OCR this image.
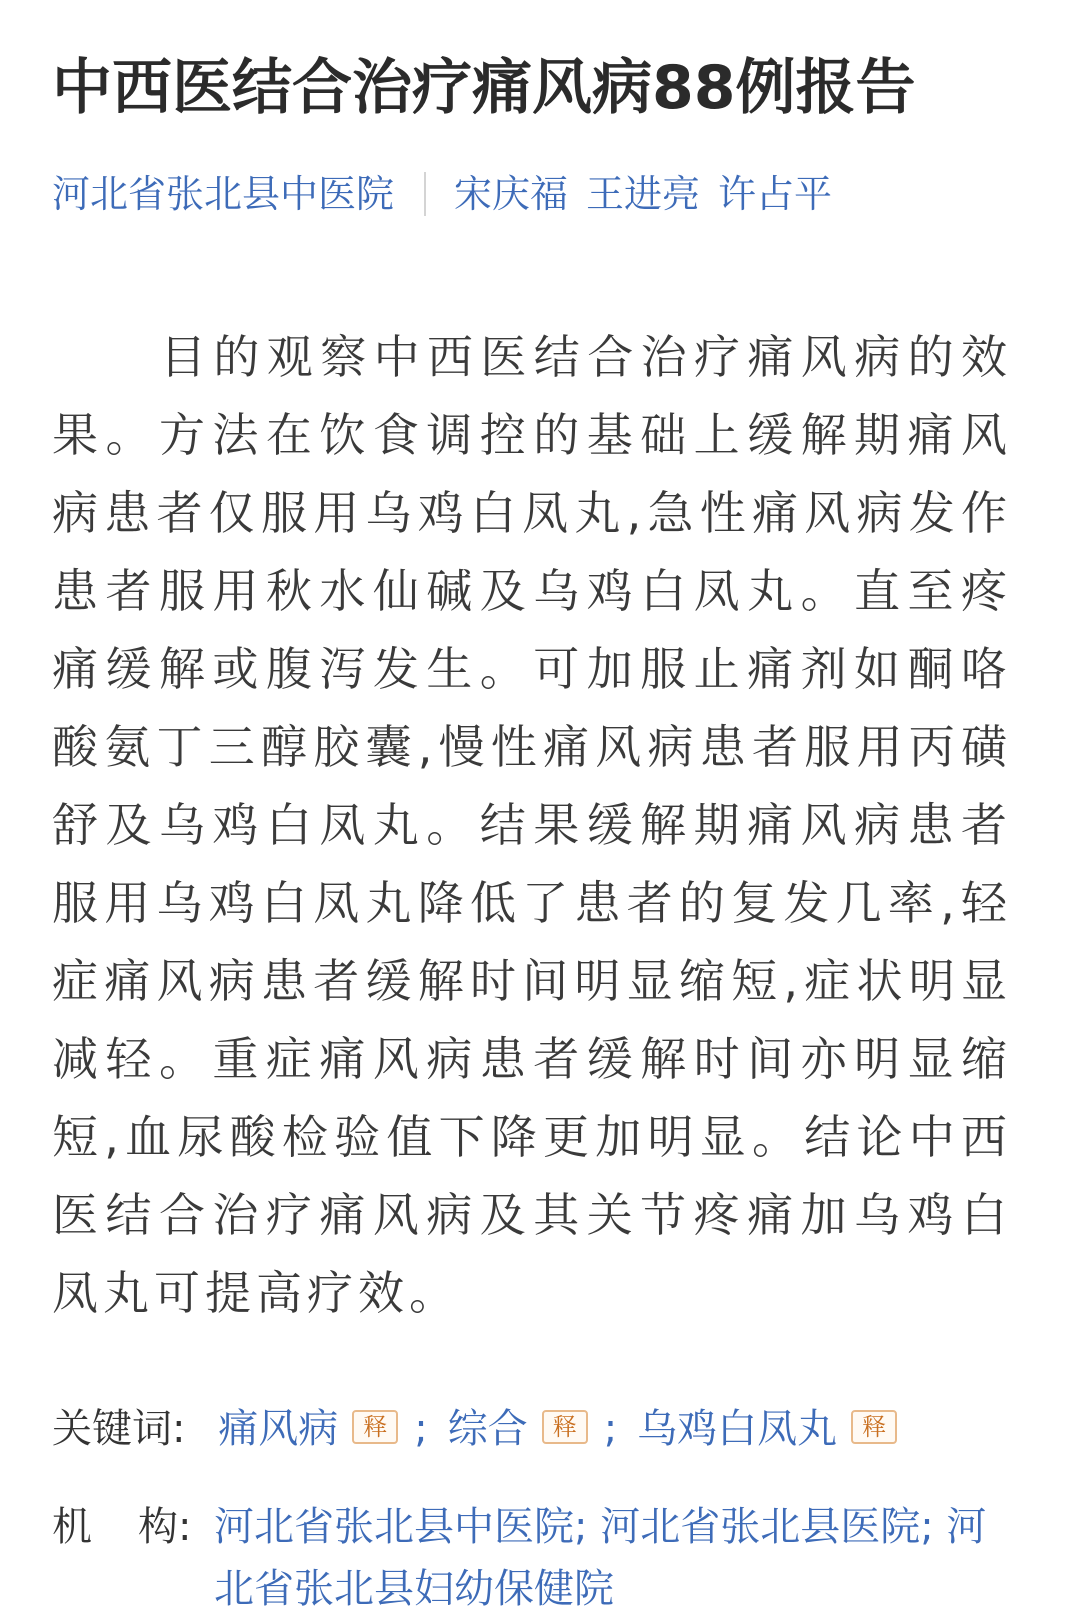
中西医结合治疗痛风病88例报告
河北省张北县中医院 宋庆福 王进亮 许占平
目的观察中西医结合治疗痛风病的效果。方法在饮食调控的基础上缓解期痛风病患者仅服用乌鸡白凤丸,急性痛风病发作患者服用秋水仙碱及乌鸡白凤丸。直至疼痛缓解或腹泻发生。可加服止痛剂如酮咯酸氨丁三醇胶囊,慢性痛风病患者服用丙磺舒及乌鸡白凤丸。结果缓解期痛风病患者服用乌鸡白凤丸降低了患者的复发几率,轻症痛风病患者缓解时间明显缩短,症状明显减轻。重症痛风病患者缓解时间亦明显缩短,血尿酸检验值下降更加明显。结论中西医结合治疗痛风病及其关节疼痛加乌鸡白凤丸可提高疗效。
关键词: 痛风病 释 ; 综合 释 ; 乌鸡白凤丸 释
机 构: 河北省张北县中医院; 河北省张北县医院; 河北省张北县妇幼保健院
